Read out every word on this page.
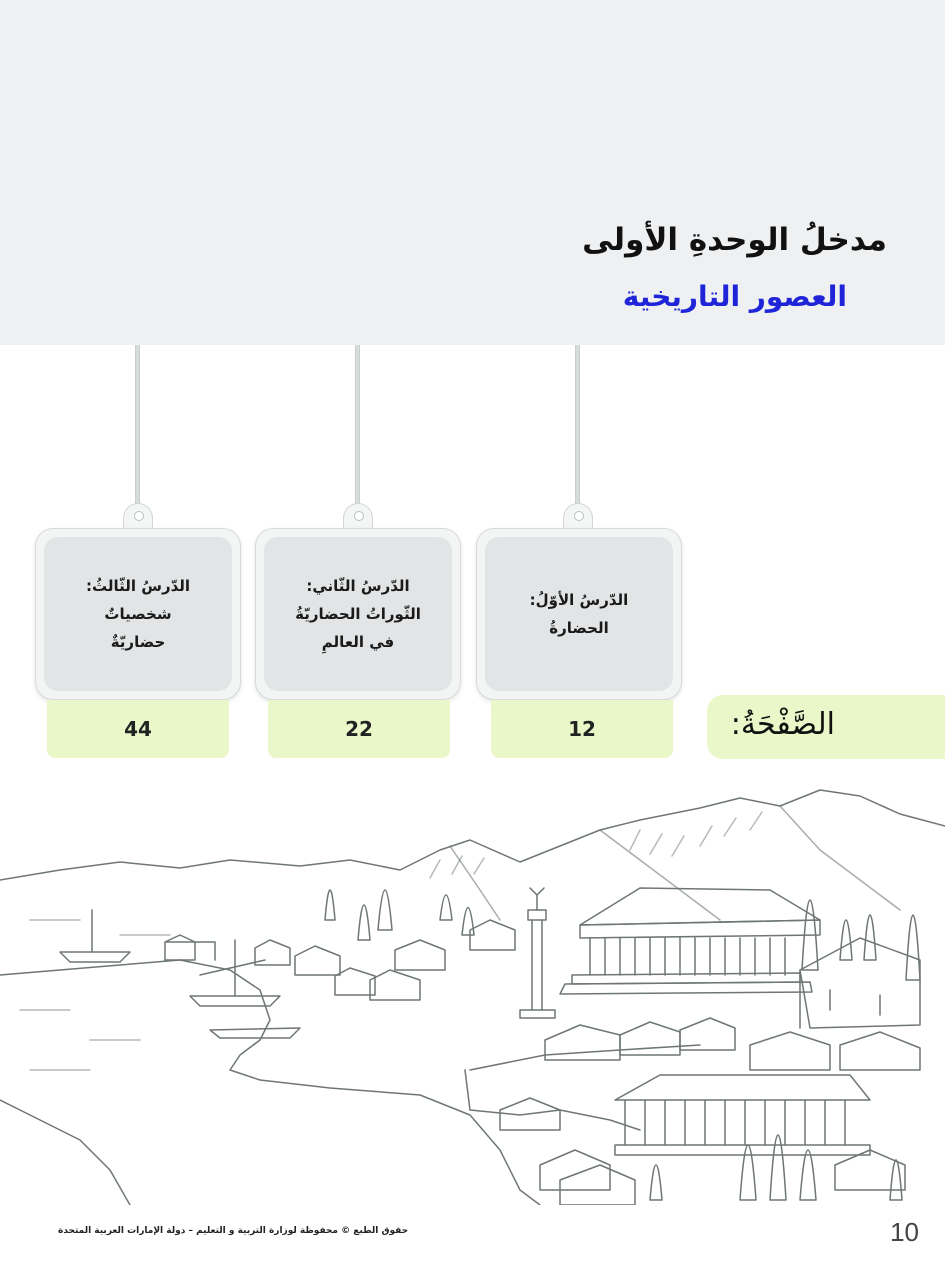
مدخلُ الوحدةِ الأولى
العصور التاريخية
الدّرسُ الثّالثُ:
شخصياتٌ
حضاريّةٌ
44
الدّرسُ الثّاني:
الثّوراتُ الحضاريّةُ
في العالمِ
22
الدّرسُ الأوّلُ:
الحضارةُ
12	الصَّفْحَةُ:
حقوق الطبع © محفوظة لوزارة التربية و التعليم – دولة الإمارات العربية المتحدة	10
